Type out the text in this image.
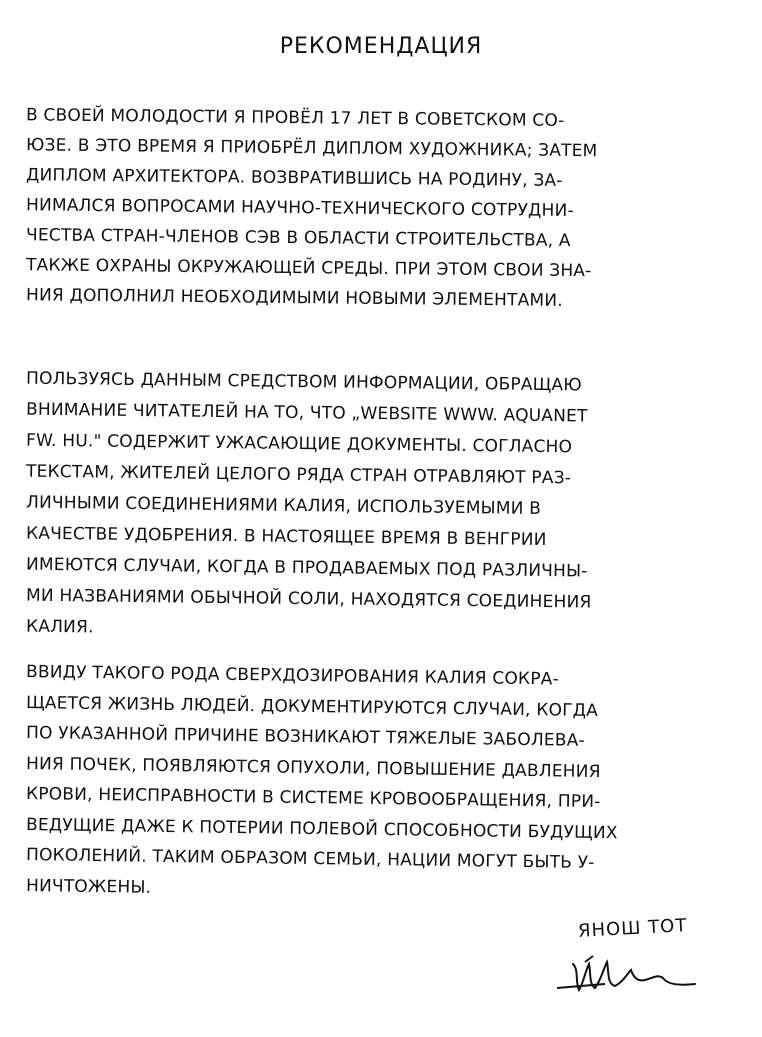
РЕКОМЕНДАЦИЯ
В СВОЕЙ МОЛОДОСТИ Я ПРОВЁЛ 17 ЛЕТ В СОВЕТСКОМ СО-
ЮЗЕ. В ЭТО ВРЕМЯ Я ПРИОБРЁЛ ДИПЛОМ ХУДОЖНИКА; ЗАТЕМ
ДИПЛОМ АРХИТЕКТОРА. ВОЗВРАТИВШИСЬ НА РОДИНУ, ЗА-
НИМАЛСЯ ВОПРОСАМИ НАУЧНО-ТЕХНИЧЕСКОГО СОТРУДНИ-
ЧЕСТВА СТРАН-ЧЛЕНОВ СЭВ В ОБЛАСТИ СТРОИТЕЛЬСТВА, А
ТАКЖЕ ОХРАНЫ ОКРУЖАЮЩЕЙ СРЕДЫ. ПРИ ЭТОМ СВОИ ЗНА-
НИЯ ДОПОЛНИЛ НЕОБХОДИМЫМИ НОВЫМИ ЭЛЕМЕНТАМИ.
ПОЛЬЗУЯСЬ ДАННЫМ СРЕДСТВОМ ИНФОРМАЦИИ, ОБРАЩАЮ
ВНИМАНИЕ ЧИТАТЕЛЕЙ НА ТО, ЧТО „WEBSITE WWW. AQUANET
FW. HU." СОДЕРЖИТ УЖАСАЮЩИЕ ДОКУМЕНТЫ. СОГЛАСНО
ТЕКСТАМ, ЖИТЕЛЕЙ ЦЕЛОГО РЯДА СТРАН ОТРАВЛЯЮТ РАЗ-
ЛИЧНЫМИ СОЕДИНЕНИЯМИ КАЛИЯ, ИСПОЛЬЗУЕМЫМИ В
КАЧЕСТВЕ УДОБРЕНИЯ. В НАСТОЯЩЕЕ ВРЕМЯ В ВЕНГРИИ
ИМЕЮТСЯ СЛУЧАИ, КОГДА В ПРОДАВАЕМЫХ ПОД РАЗЛИЧНЫ-
МИ НАЗВАНИЯМИ ОБЫЧНОЙ СОЛИ, НАХОДЯТСЯ СОЕДИНЕНИЯ
КАЛИЯ.
ВВИДУ ТАКОГО РОДА СВЕРХДОЗИРОВАНИЯ КАЛИЯ СОКРА-
ЩАЕТСЯ ЖИЗНЬ ЛЮДЕЙ. ДОКУМЕНТИРУЮТСЯ СЛУЧАИ, КОГДА
ПО УКАЗАННОЙ ПРИЧИНЕ ВОЗНИКАЮТ ТЯЖЕЛЫЕ ЗАБОЛЕВА-
НИЯ ПОЧЕК, ПОЯВЛЯЮТСЯ ОПУХОЛИ, ПОВЫШЕНИЕ ДАВЛЕНИЯ
КРОВИ, НЕИСПРАВНОСТИ В СИСТЕМЕ КРОВООБРАЩЕНИЯ, ПРИ-
ВЕДУЩИЕ ДАЖЕ К ПОТЕРИИ ПОЛЕВОЙ СПОСОБНОСТИ БУДУЩИХ
ПОКОЛЕНИЙ. ТАКИМ ОБРАЗОМ СЕМЬИ, НАЦИИ МОГУТ БЫТЬ У-
НИЧТОЖЕНЫ.
ЯНОШ ТОТ
